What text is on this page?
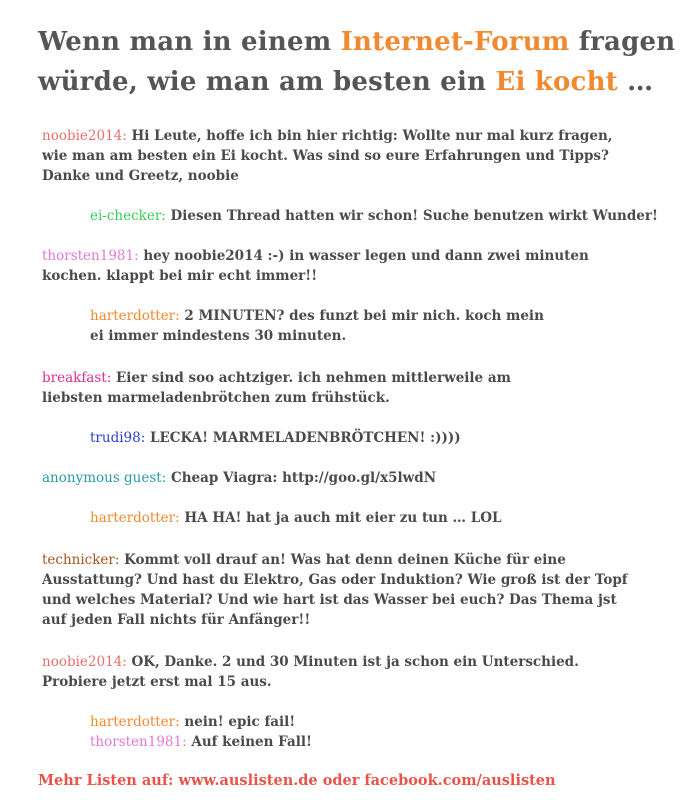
Wenn man in einem Internet-Forum fragen würde, wie man am besten ein Ei kocht …
noobie2014: Hi Leute, hoffe ich bin hier richtig: Wollte nur mal kurz fragen, wie man am besten ein Ei kocht. Was sind so eure Erfahrungen und Tipps? Danke und Greetz, noobie
ei-checker: Diesen Thread hatten wir schon! Suche benutzen wirkt Wunder!
thorsten1981: hey noobie2014 :-) in wasser legen und dann zwei minuten kochen. klappt bei mir echt immer!!
harterdotter: 2 MINUTEN? des funzt bei mir nich. koch mein ei immer mindestens 30 minuten.
breakfast: Eier sind soo achtziger. ich nehmen mittlerweile am liebsten marmeladenbrötchen zum frühstück.
trudi98: LECKA! MARMELADENBRÖTCHEN! :))))
anonymous guest: Cheap Viagra: http://goo.gl/x5lwdN
harterdotter: HA HA! hat ja auch mit eier zu tun … LOL
technicker: Kommt voll drauf an! Was hat denn deinen Küche für eine Ausstattung? Und hast du Elektro, Gas oder Induktion? Wie groß ist der Topf und welches Material? Und wie hart ist das Wasser bei euch? Das Thema jst auf jeden Fall nichts für Anfänger!!
noobie2014: OK, Danke. 2 und 30 Minuten ist ja schon ein Unterschied. Probiere jetzt erst mal 15 aus.
harterdotter: nein! epic fail!
thorsten1981: Auf keinen Fall!
Mehr Listen auf: www.auslisten.de oder facebook.com/auslisten
